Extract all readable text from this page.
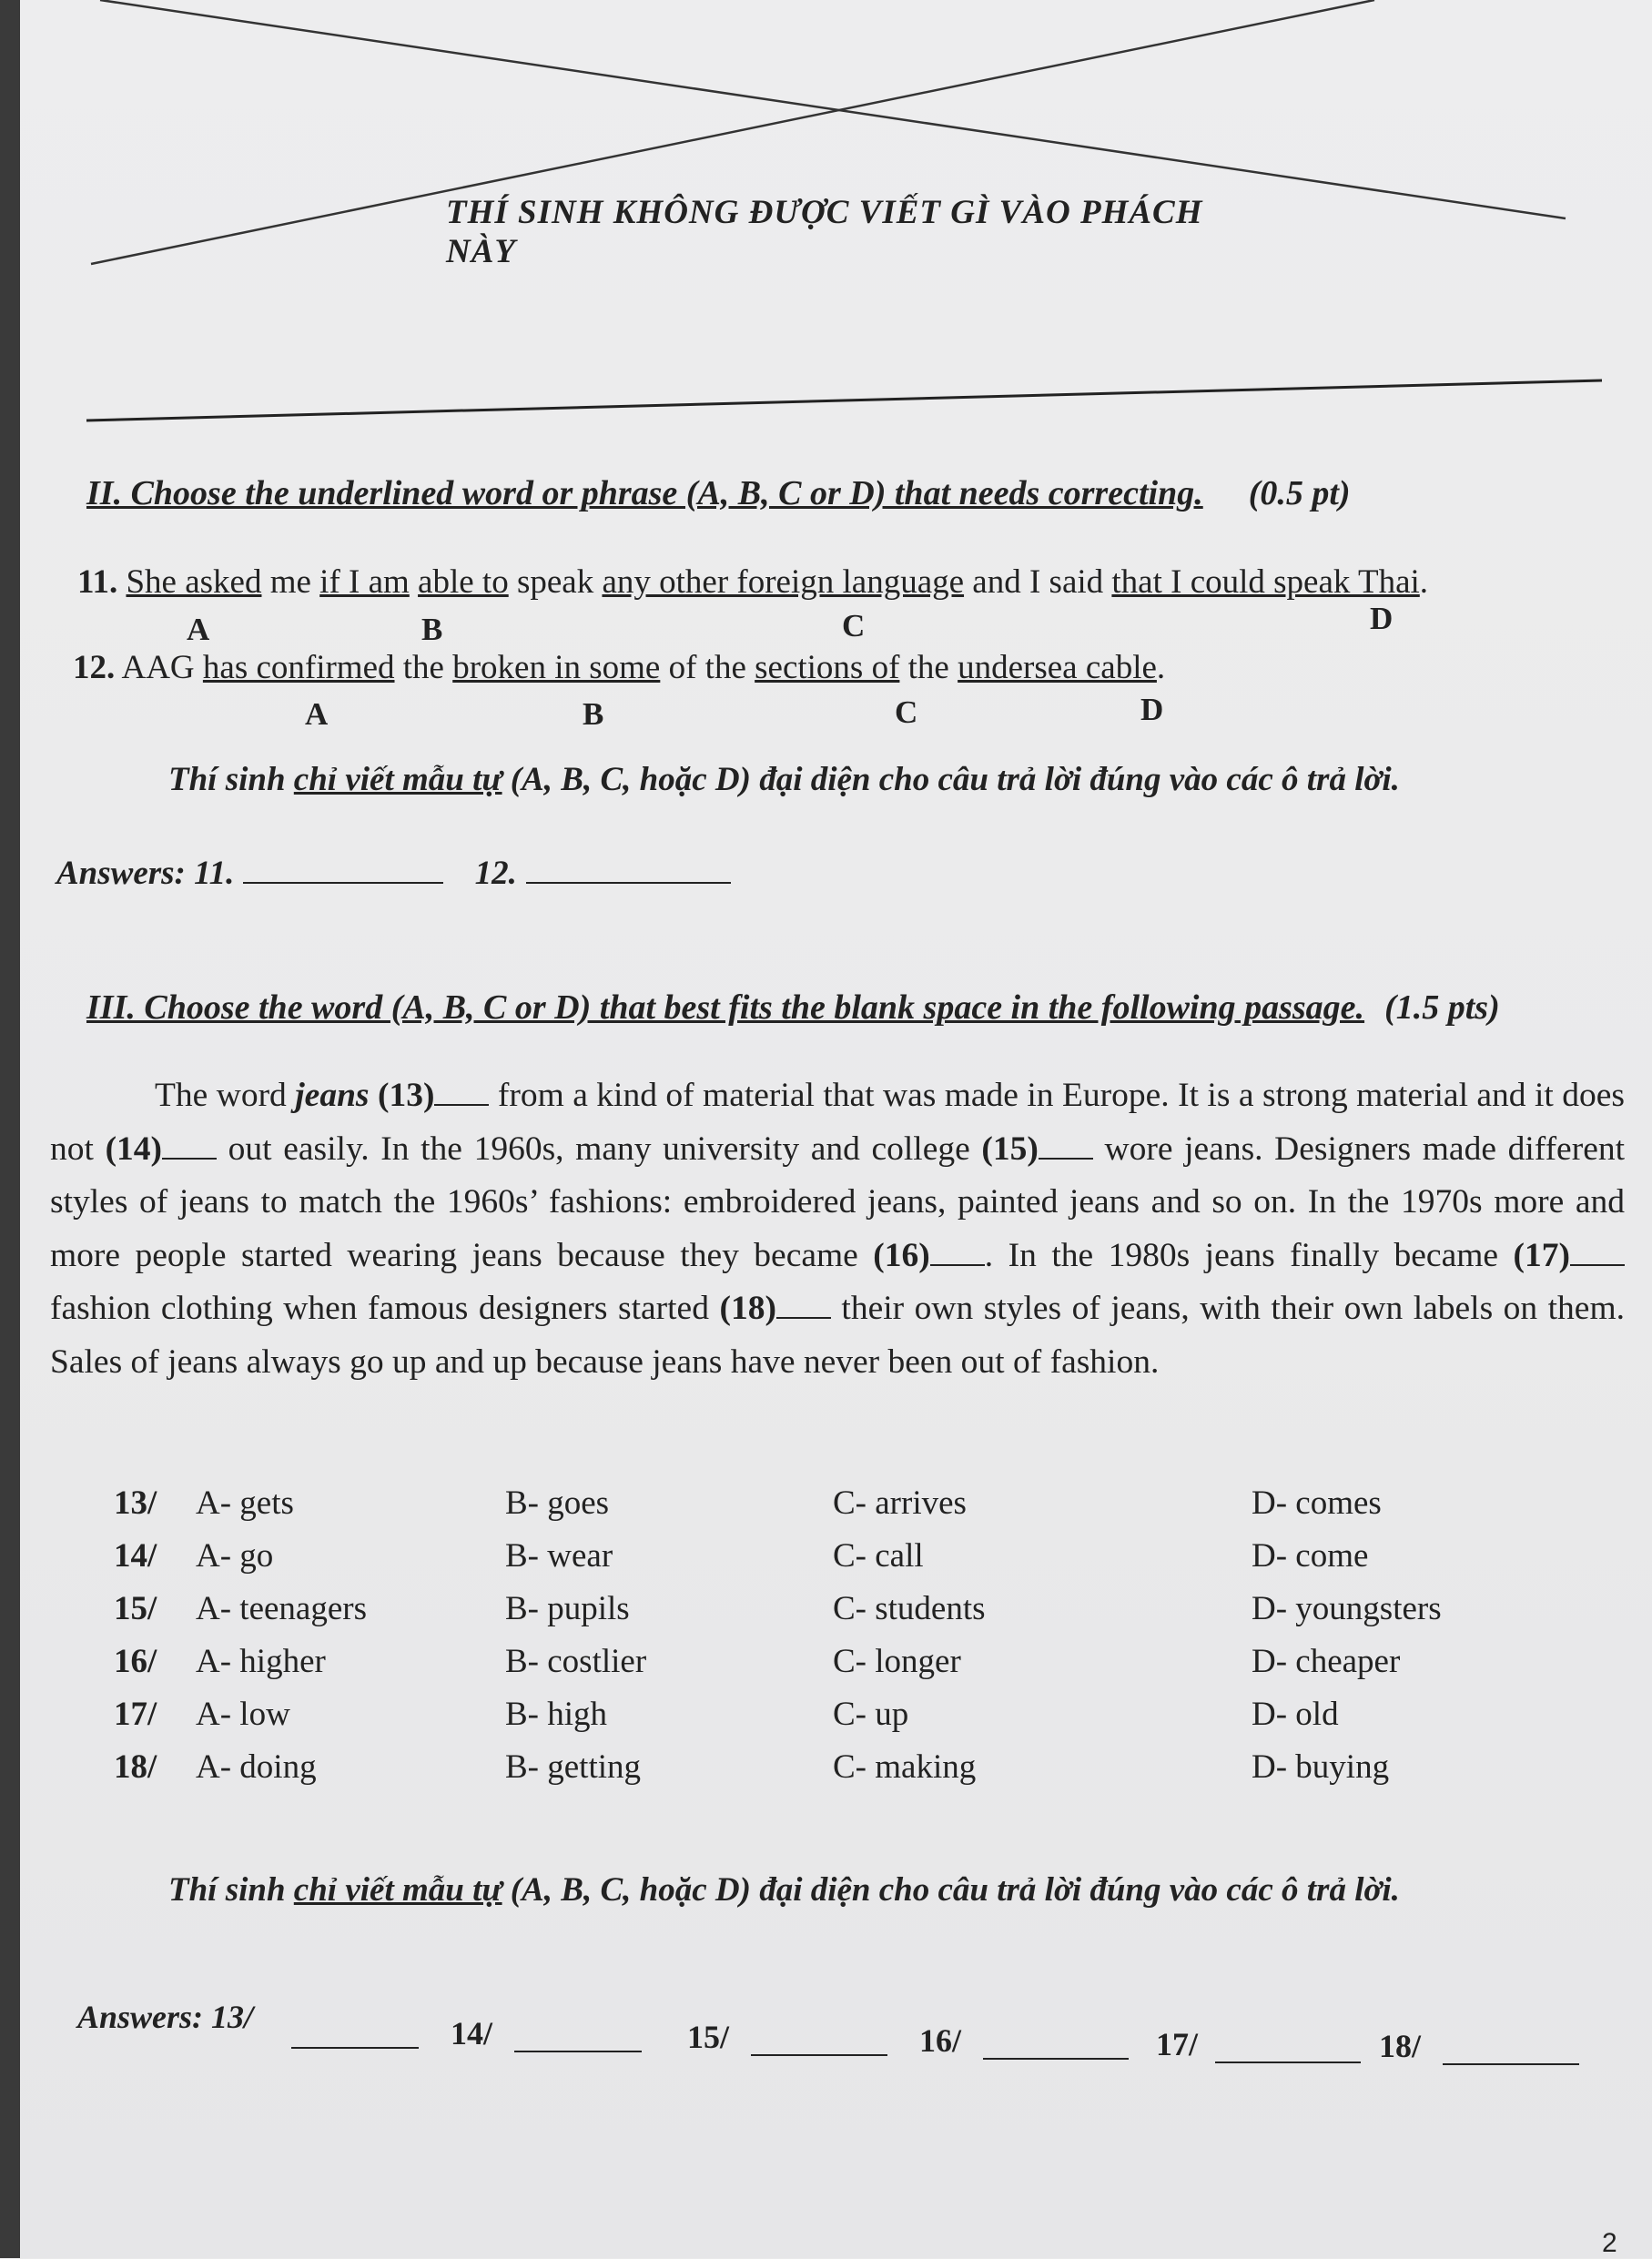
THÍ SINH KHÔNG ĐƯỢC VIẾT GÌ VÀO PHÁCH NÀY
II. Choose the underlined word or phrase (A, B, C or D) that needs correcting. (0.5 pt)
11. She asked me if I am able to speak any other foreign language and I said that I could speak Thai.
A	B	C	D
12. AAG has confirmed the broken in some of the sections of the undersea cable.
A	B	C	D
Thí sinh chỉ viết mẫu tự (A, B, C, hoặc D) đại diện cho câu trả lời đúng vào các ô trả lời.
Answers: 11.	12.
III. Choose the word (A, B, C or D) that best fits the blank space in the following passage. (1.5 pts)
The word jeans (13) from a kind of material that was made in Europe. It is a strong material and it does not (14) out easily. In the 1960s, many university and college (15) wore jeans. Designers made different styles of jeans to match the 1960s’ fashions: embroidered jeans, painted jeans and so on. In the 1970s more and more people started wearing jeans because they became (16) . In the 1980s jeans finally became (17) fashion clothing when famous designers started (18) their own styles of jeans, with their own labels on them. Sales of jeans always go up and up because jeans have never been out of fashion.
13/ A- gets	B- goes	C- arrives	D- comes
14/ A- go	B- wear	C- call	D- come
15/ A- teenagers	B- pupils	C- students	D- youngsters
16/ A- higher	B- costlier	C- longer	D- cheaper
17/ A- low	B- high	C- up	D- old
18/ A- doing	B- getting	C- making	D- buying
Thí sinh chỉ viết mẫu tự (A, B, C, hoặc D) đại diện cho câu trả lời đúng vào các ô trả lời.
Answers: 13/	14/	15/	16/	17/	18/
2
